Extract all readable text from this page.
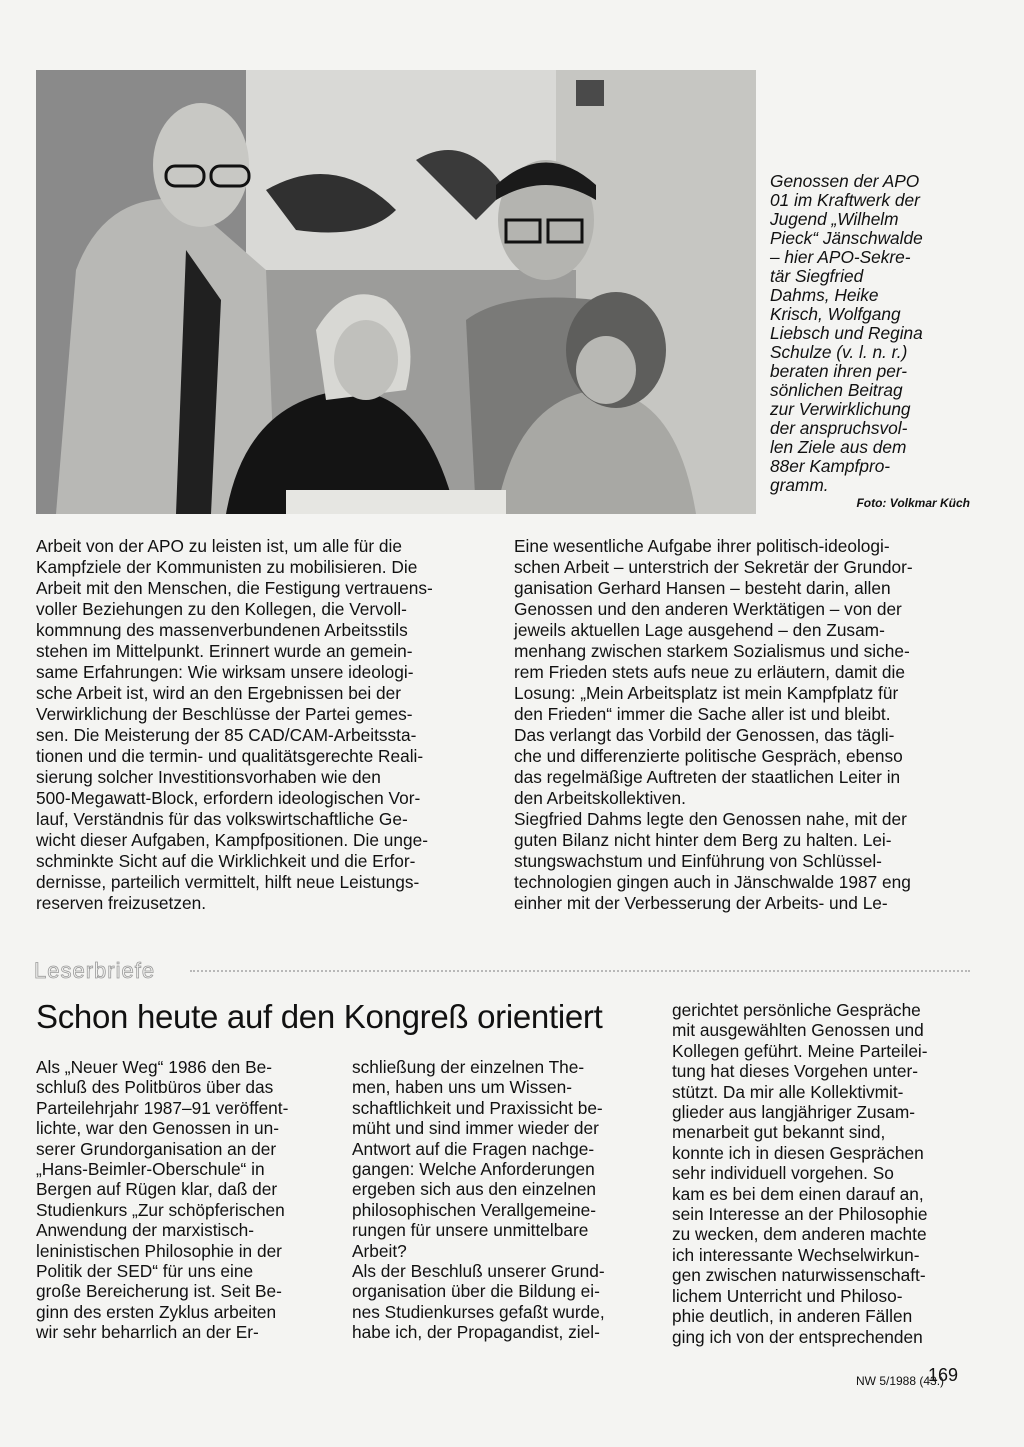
Genossen der APO
01 im Kraftwerk der
Jugend „Wilhelm
Pieck“ Jänschwalde
– hier APO-Sekre-
tär Siegfried
Dahms, Heike
Krisch, Wolfgang
Liebsch und Regina
Schulze (v. l. n. r.)
beraten ihren per-
sönlichen Beitrag
zur Verwirklichung
der anspruchsvol-
len Ziele aus dem
88er Kampfpro-
gramm.
Foto: Volkmar Küch
Arbeit von der APO zu leisten ist, um alle für die
Kampfziele der Kommunisten zu mobilisieren. Die
Arbeit mit den Menschen, die Festigung vertrauens-
voller Beziehungen zu den Kollegen, die Vervoll-
kommnung des massenverbundenen Arbeitsstils
stehen im Mittelpunkt. Erinnert wurde an gemein-
same Erfahrungen: Wie wirksam unsere ideologi-
sche Arbeit ist, wird an den Ergebnissen bei der
Verwirklichung der Beschlüsse der Partei gemes-
sen. Die Meisterung der 85 CAD/CAM-Arbeitssta-
tionen und die termin- und qualitätsgerechte Reali-
sierung solcher Investitionsvorhaben wie den
500-Megawatt-Block, erfordern ideologischen Vor-
lauf, Verständnis für das volkswirtschaftliche Ge-
wicht dieser Aufgaben, Kampfpositionen. Die unge-
schminkte Sicht auf die Wirklichkeit und die Erfor-
dernisse, parteilich vermittelt, hilft neue Leistungs-
reserven freizusetzen.
Eine wesentliche Aufgabe ihrer politisch-ideologi-
schen Arbeit – unterstrich der Sekretär der Grundor-
ganisation Gerhard Hansen – besteht darin, allen
Genossen und den anderen Werktätigen – von der
jeweils aktuellen Lage ausgehend – den Zusam-
menhang zwischen starkem Sozialismus und siche-
rem Frieden stets aufs neue zu erläutern, damit die
Losung: „Mein Arbeitsplatz ist mein Kampfplatz für
den Frieden“ immer die Sache aller ist und bleibt.
Das verlangt das Vorbild der Genossen, das tägli-
che und differenzierte politische Gespräch, ebenso
das regelmäßige Auftreten der staatlichen Leiter in
den Arbeitskollektiven.
Siegfried Dahms legte den Genossen nahe, mit der
guten Bilanz nicht hinter dem Berg zu halten. Lei-
stungswachstum und Einführung von Schlüssel-
technologien gingen auch in Jänschwalde 1987 eng
einher mit der Verbesserung der Arbeits- und Le-
Leserbriefe
Schon heute auf den Kongreß orientiert
Als „Neuer Weg“ 1986 den Be-
schluß des Politbüros über das
Parteilehrjahr 1987–91 veröffent-
lichte, war den Genossen in un-
serer Grundorganisation an der
„Hans-Beimler-Oberschule“ in
Bergen auf Rügen klar, daß der
Studienkurs „Zur schöpferischen
Anwendung der marxistisch-
leninistischen Philosophie in der
Politik der SED“ für uns eine
große Bereicherung ist. Seit Be-
ginn des ersten Zyklus arbeiten
wir sehr beharrlich an der Er-
schließung der einzelnen The-
men, haben uns um Wissen-
schaftlichkeit und Praxissicht be-
müht und sind immer wieder der
Antwort auf die Fragen nachge-
gangen: Welche Anforderungen
ergeben sich aus den einzelnen
philosophischen Verallgemeine-
rungen für unsere unmittelbare
Arbeit?
Als der Beschluß unserer Grund-
organisation über die Bildung ei-
nes Studienkurses gefaßt wurde,
habe ich, der Propagandist, ziel-
gerichtet persönliche Gespräche
mit ausgewählten Genossen und
Kollegen geführt. Meine Parteilei-
tung hat dieses Vorgehen unter-
stützt. Da mir alle Kollektivmit-
glieder aus langjähriger Zusam-
menarbeit gut bekannt sind,
konnte ich in diesen Gesprächen
sehr individuell vorgehen. So
kam es bei dem einen darauf an,
sein Interesse an der Philosophie
zu wecken, dem anderen machte
ich interessante Wechselwirkun-
gen zwischen naturwissenschaft-
lichem Unterricht und Philoso-
phie deutlich, in anderen Fällen
ging ich von der entsprechenden
NW 5/1988 (43.)
169
